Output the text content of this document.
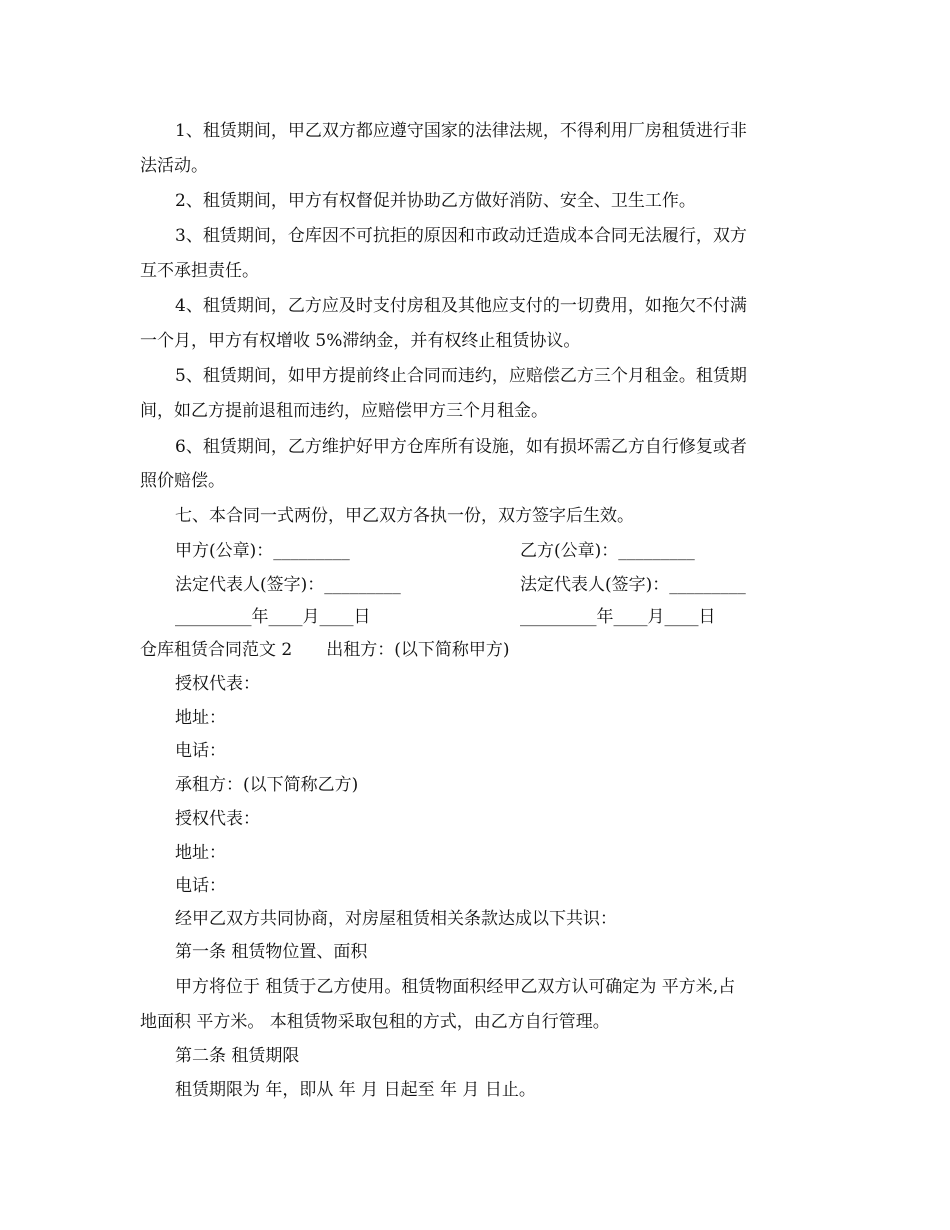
1、租赁期间，甲乙双方都应遵守国家的法律法规，不得利用厂房租赁进行非
法活动。
2、租赁期间，甲方有权督促并协助乙方做好消防、安全、卫生工作。
3、租赁期间，仓库因不可抗拒的原因和市政动迁造成本合同无法履行，双方
互不承担责任。
4、租赁期间，乙方应及时支付房租及其他应支付的一切费用，如拖欠不付满
一个月，甲方有权增收 5%滞纳金，并有权终止租赁协议。
5、租赁期间，如甲方提前终止合同而违约，应赔偿乙方三个月租金。租赁期
间，如乙方提前退租而违约，应赔偿甲方三个月租金。
6、租赁期间，乙方维护好甲方仓库所有设施，如有损坏需乙方自行修复或者
照价赔偿。
七、本合同一式两份，甲乙双方各执一份，双方签字后生效。
甲方(公章)：_________	乙方(公章)：_________
法定代表人(签字)：_________	法定代表人(签字)：_________
_________年____月____日	_________年____月____日
仓库租赁合同范文 2　　出租方：(以下简称甲方)
授权代表：
地址：
电话：
承租方：(以下简称乙方)
授权代表：
地址：
电话：
经甲乙双方共同协商，对房屋租赁相关条款达成以下共识：
第一条 租赁物位置、面积
甲方将位于 租赁于乙方使用。租赁物面积经甲乙双方认可确定为 平方米,占
地面积 平方米。 本租赁物采取包租的方式，由乙方自行管理。
第二条 租赁期限
租赁期限为 年，即从 年 月 日起至 年 月 日止。
